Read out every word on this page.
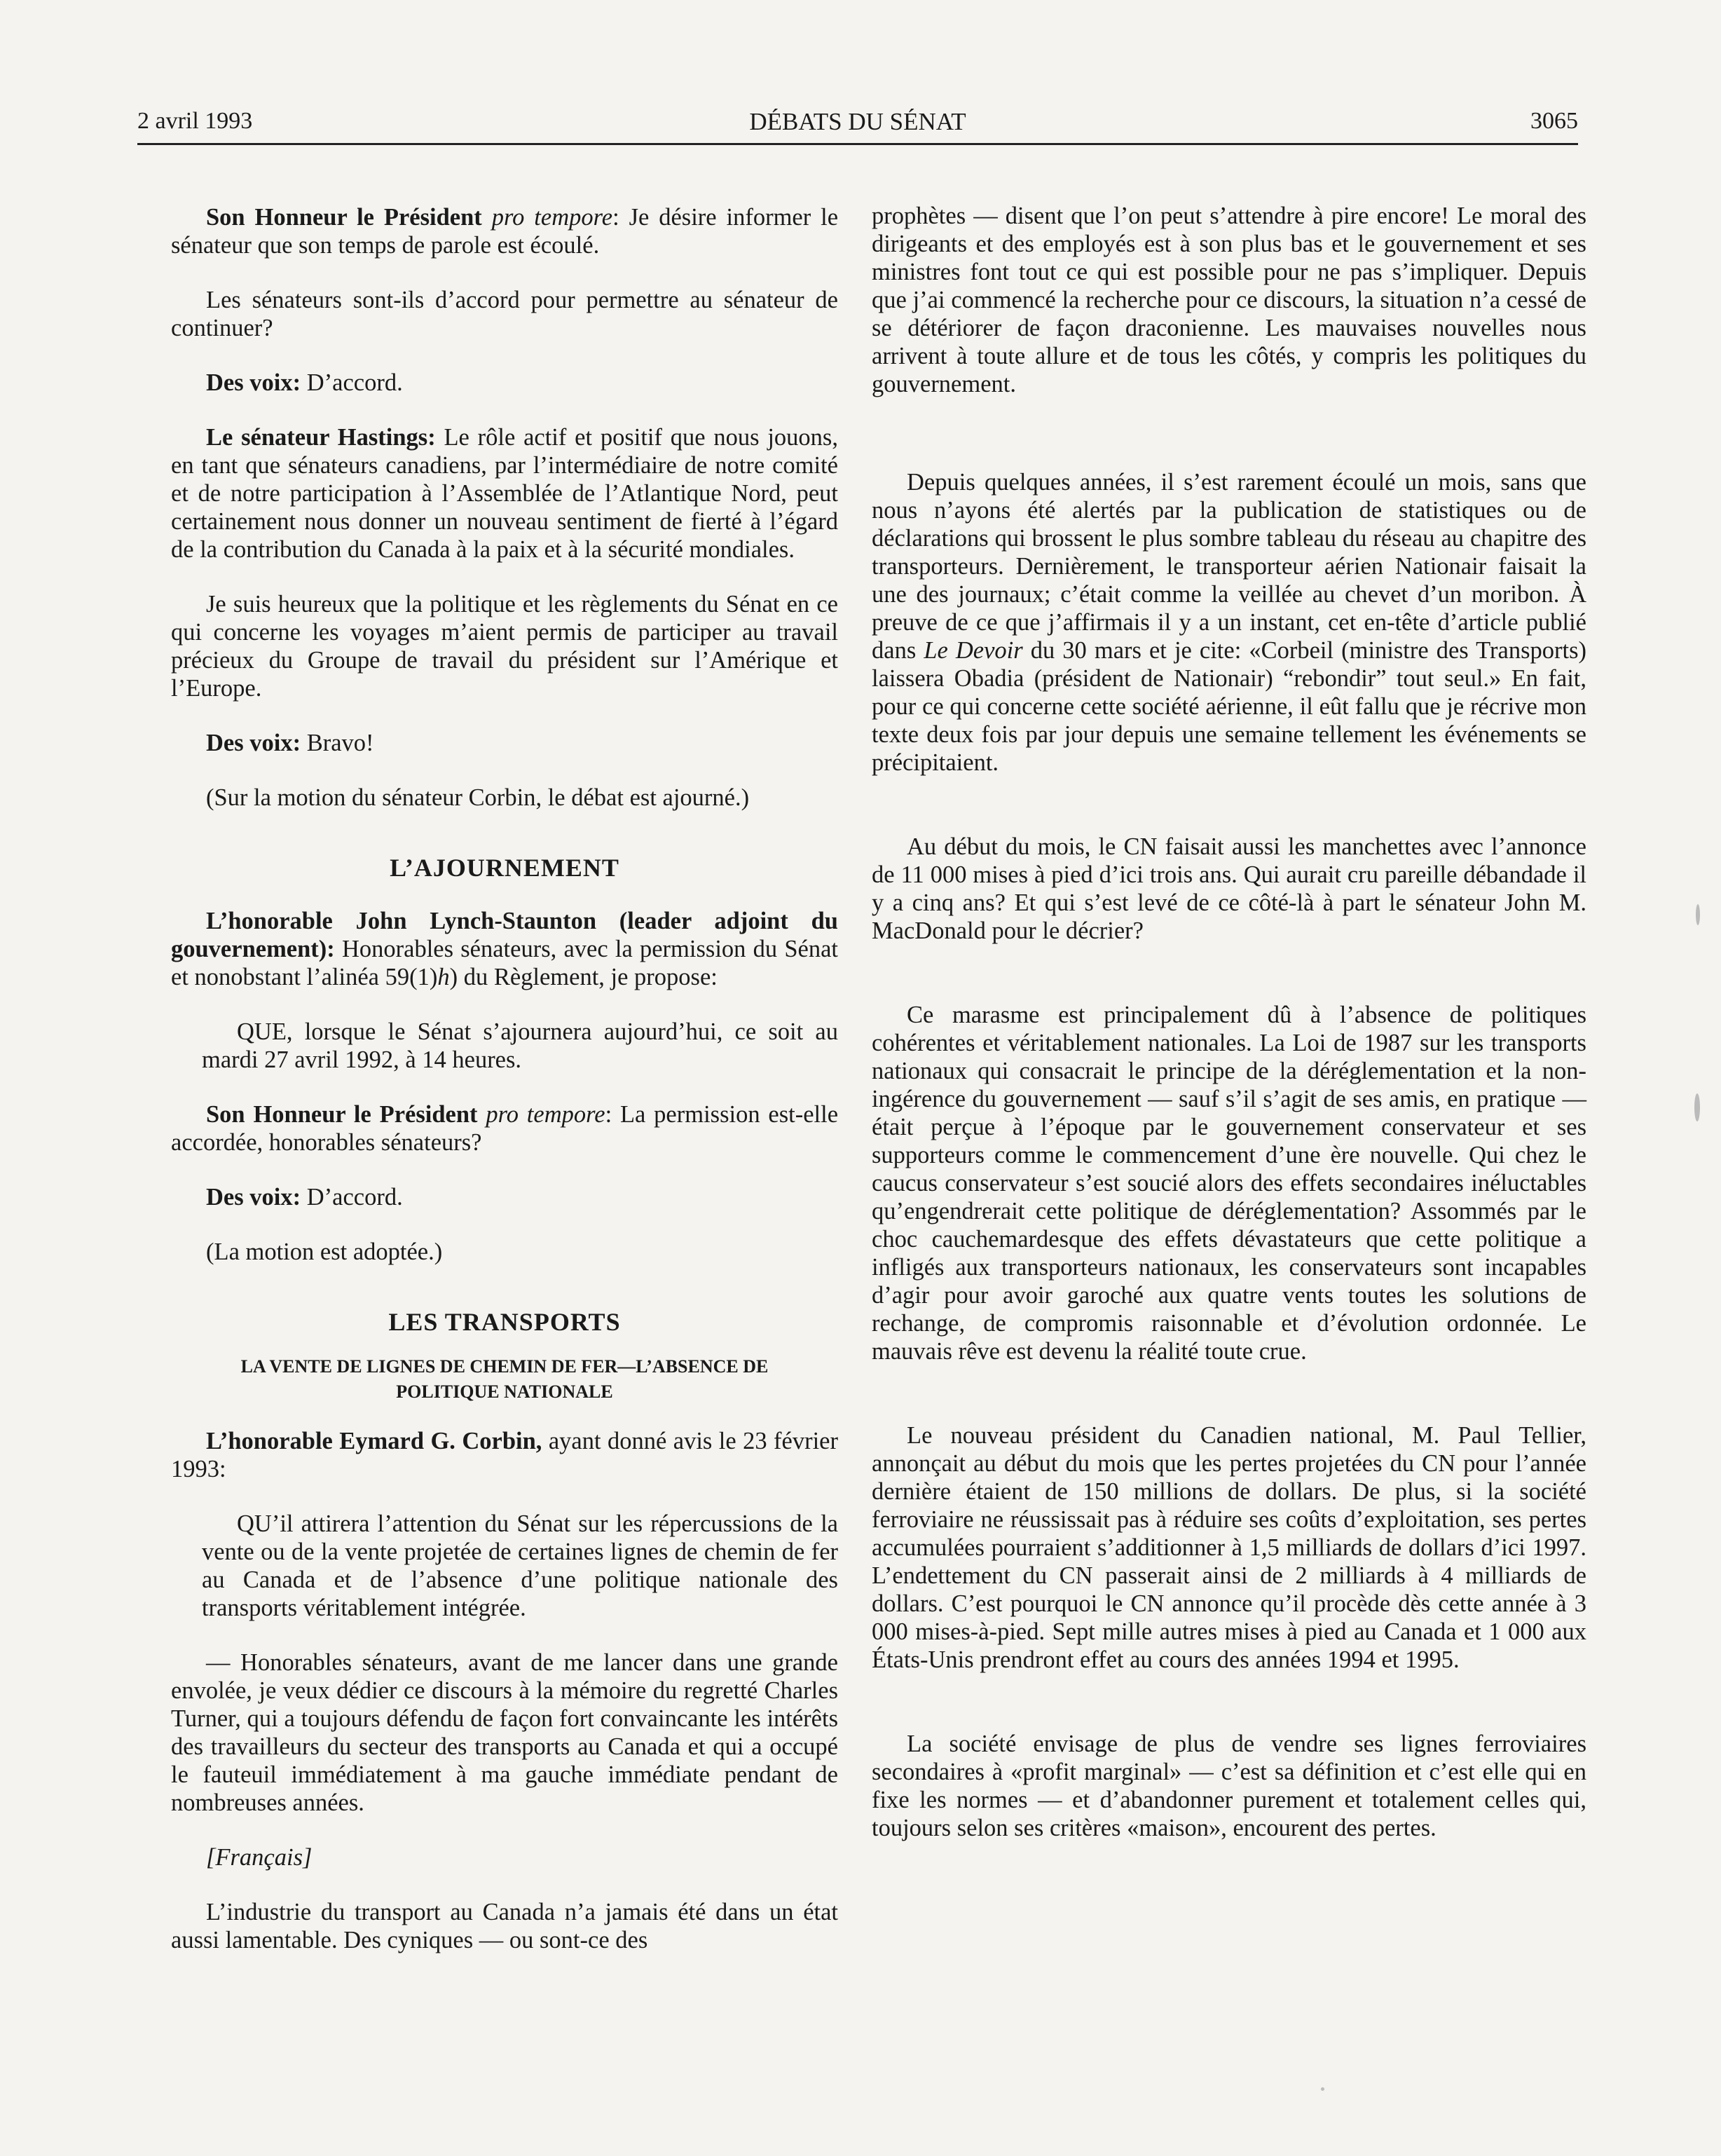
2 avril 1993	DÉBATS DU SÉNAT	3065

Son Honneur le Président pro tempore: Je désire informer le sénateur que son temps de parole est écoulé.

Les sénateurs sont-ils d’accord pour permettre au sénateur de continuer?

Des voix: D’accord.

Le sénateur Hastings: Le rôle actif et positif que nous jouons, en tant que sénateurs canadiens, par l’intermédiaire de notre comité et de notre participation à l’Assemblée de l’Atlantique Nord, peut certainement nous donner un nouveau sentiment de fierté à l’égard de la contribution du Canada à la paix et à la sécurité mondiales.

Je suis heureux que la politique et les règlements du Sénat en ce qui concerne les voyages m’aient permis de participer au travail précieux du Groupe de travail du président sur l’Amérique et l’Europe.

Des voix: Bravo!

(Sur la motion du sénateur Corbin, le débat est ajourné.)

L’AJOURNEMENT

L’honorable John Lynch-Staunton (leader adjoint du gouvernement): Honorables sénateurs, avec la permission du Sénat et nonobstant l’alinéa 59(1)h) du Règlement, je propose:

QUE, lorsque le Sénat s’ajournera aujourd’hui, ce soit au mardi 27 avril 1992, à 14 heures.

Son Honneur le Président pro tempore: La permission est-elle accordée, honorables sénateurs?

Des voix: D’accord.

(La motion est adoptée.)

LES TRANSPORTS
LA VENTE DE LIGNES DE CHEMIN DE FER—L’ABSENCE DE POLITIQUE NATIONALE

L’honorable Eymard G. Corbin, ayant donné avis le 23 février 1993:

QU’il attirera l’attention du Sénat sur les répercussions de la vente ou de la vente projetée de certaines lignes de chemin de fer au Canada et de l’absence d’une politique nationale des transports véritablement intégrée.

— Honorables sénateurs, avant de me lancer dans une grande envolée, je veux dédier ce discours à la mémoire du regretté Charles Turner, qui a toujours défendu de façon fort convaincante les intérêts des travailleurs du secteur des transports au Canada et qui a occupé le fauteuil immédiatement à ma gauche immédiate pendant de nombreuses années.

[Français]

L’industrie du transport au Canada n’a jamais été dans un état aussi lamentable. Des cyniques — ou sont-ce des

prophètes — disent que l’on peut s’attendre à pire encore! Le moral des dirigeants et des employés est à son plus bas et le gouvernement et ses ministres font tout ce qui est possible pour ne pas s’impliquer. Depuis que j’ai commencé la recherche pour ce discours, la situation n’a cessé de se détériorer de façon draconienne. Les mauvaises nouvelles nous arrivent à toute allure et de tous les côtés, y compris les politiques du gouvernement.

Depuis quelques années, il s’est rarement écoulé un mois, sans que nous n’ayons été alertés par la publication de statistiques ou de déclarations qui brossent le plus sombre tableau du réseau au chapitre des transporteurs. Dernièrement, le transporteur aérien Nationair faisait la une des journaux; c’était comme la veillée au chevet d’un moribon. À preuve de ce que j’affirmais il y a un instant, cet en-tête d’article publié dans Le Devoir du 30 mars et je cite: «Corbeil (ministre des Transports) laissera Obadia (président de Nationair) “rebondir” tout seul.» En fait, pour ce qui concerne cette société aérienne, il eût fallu que je récrive mon texte deux fois par jour depuis une semaine tellement les événements se précipitaient.

Au début du mois, le CN faisait aussi les manchettes avec l’annonce de 11 000 mises à pied d’ici trois ans. Qui aurait cru pareille débandade il y a cinq ans? Et qui s’est levé de ce côté-là à part le sénateur John M. MacDonald pour le décrier?

Ce marasme est principalement dû à l’absence de politiques cohérentes et véritablement nationales. La Loi de 1987 sur les transports nationaux qui consacrait le principe de la déréglementation et la non-ingérence du gouvernement — sauf s’il s’agit de ses amis, en pratique — était perçue à l’époque par le gouvernement conservateur et ses supporteurs comme le commencement d’une ère nouvelle. Qui chez le caucus conservateur s’est soucié alors des effets secondaires inéluctables qu’engendrerait cette politique de déréglementation? Assommés par le choc cauchemardesque des effets dévastateurs que cette politique a infligés aux transporteurs nationaux, les conservateurs sont incapables d’agir pour avoir garoché aux quatre vents toutes les solutions de rechange, de compromis raisonnable et d’évolution ordonnée. Le mauvais rêve est devenu la réalité toute crue.

Le nouveau président du Canadien national, M. Paul Tellier, annonçait au début du mois que les pertes projetées du CN pour l’année dernière étaient de 150 millions de dollars. De plus, si la société ferroviaire ne réussissait pas à réduire ses coûts d’exploitation, ses pertes accumulées pourraient s’additionner à 1,5 milliards de dollars d’ici 1997. L’endettement du CN passerait ainsi de 2 milliards à 4 milliards de dollars. C’est pourquoi le CN annonce qu’il procède dès cette année à 3 000 mises-à-pied. Sept mille autres mises à pied au Canada et 1 000 aux États-Unis prendront effet au cours des années 1994 et 1995.

La société envisage de plus de vendre ses lignes ferroviaires secondaires à «profit marginal» — c’est sa définition et c’est elle qui en fixe les normes — et d’abandonner purement et totalement celles qui, toujours selon ses critères «maison», encourent des pertes.
